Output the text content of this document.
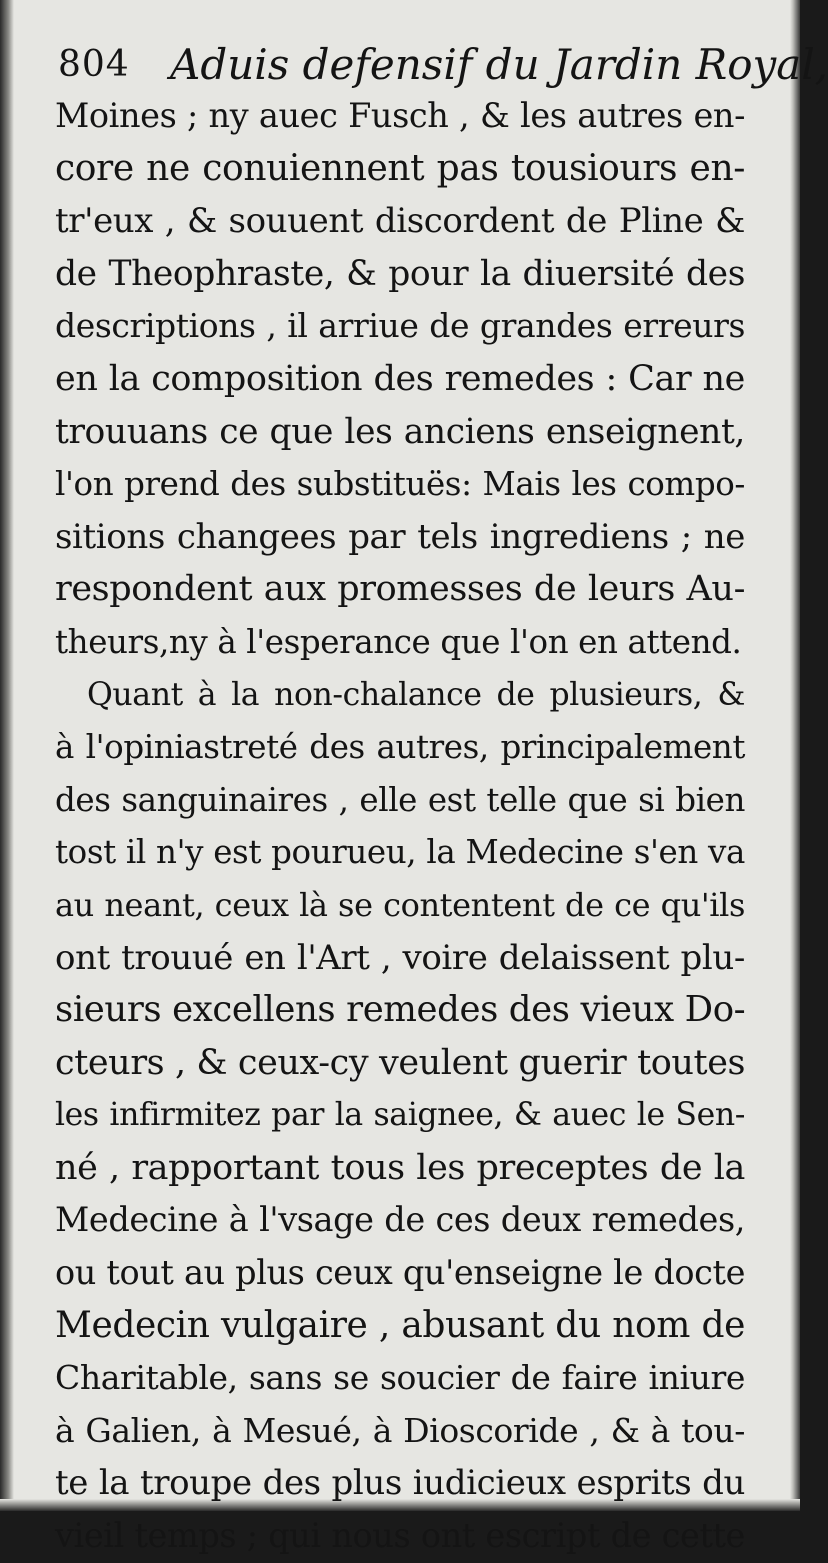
804 Aduis defensif du Jardin Royal,
Moines ; ny auec Fusch , & les autres en-
core ne conuiennent pas tousiours en-
tr'eux , & souuent discordent de Pline &
de Theophraste, & pour la diuersité des
descriptions , il arriue de grandes erreurs
en la composition des remedes : Car ne
trouuans ce que les anciens enseignent,
l'on prend des substituës: Mais les compo-
sitions changees par tels ingrediens ; ne
respondent aux promesses de leurs Au-
theurs,ny à l'esperance que l'on en attend.
Quant à la non-chalance de plusieurs, &
à l'opiniastreté des autres, principalement
des sanguinaires , elle est telle que si bien
tost il n'y est pourueu, la Medecine s'en va
au neant, ceux là se contentent de ce qu'ils
ont trouué en l'Art , voire delaissent plu-
sieurs excellens remedes des vieux Do-
cteurs , & ceux-cy veulent guerir toutes
les infirmitez par la saignee, & auec le Sen-
né , rapportant tous les preceptes de la
Medecine à l'vsage de ces deux remedes,
ou tout au plus ceux qu'enseigne le docte
Medecin vulgaire , abusant du nom de
Charitable, sans se soucier de faire iniure
à Galien, à Mesué, à Dioscoride , & à tou-
te la troupe des plus iudicieux esprits du
vieil temps ; qui nous ont escript de cette
